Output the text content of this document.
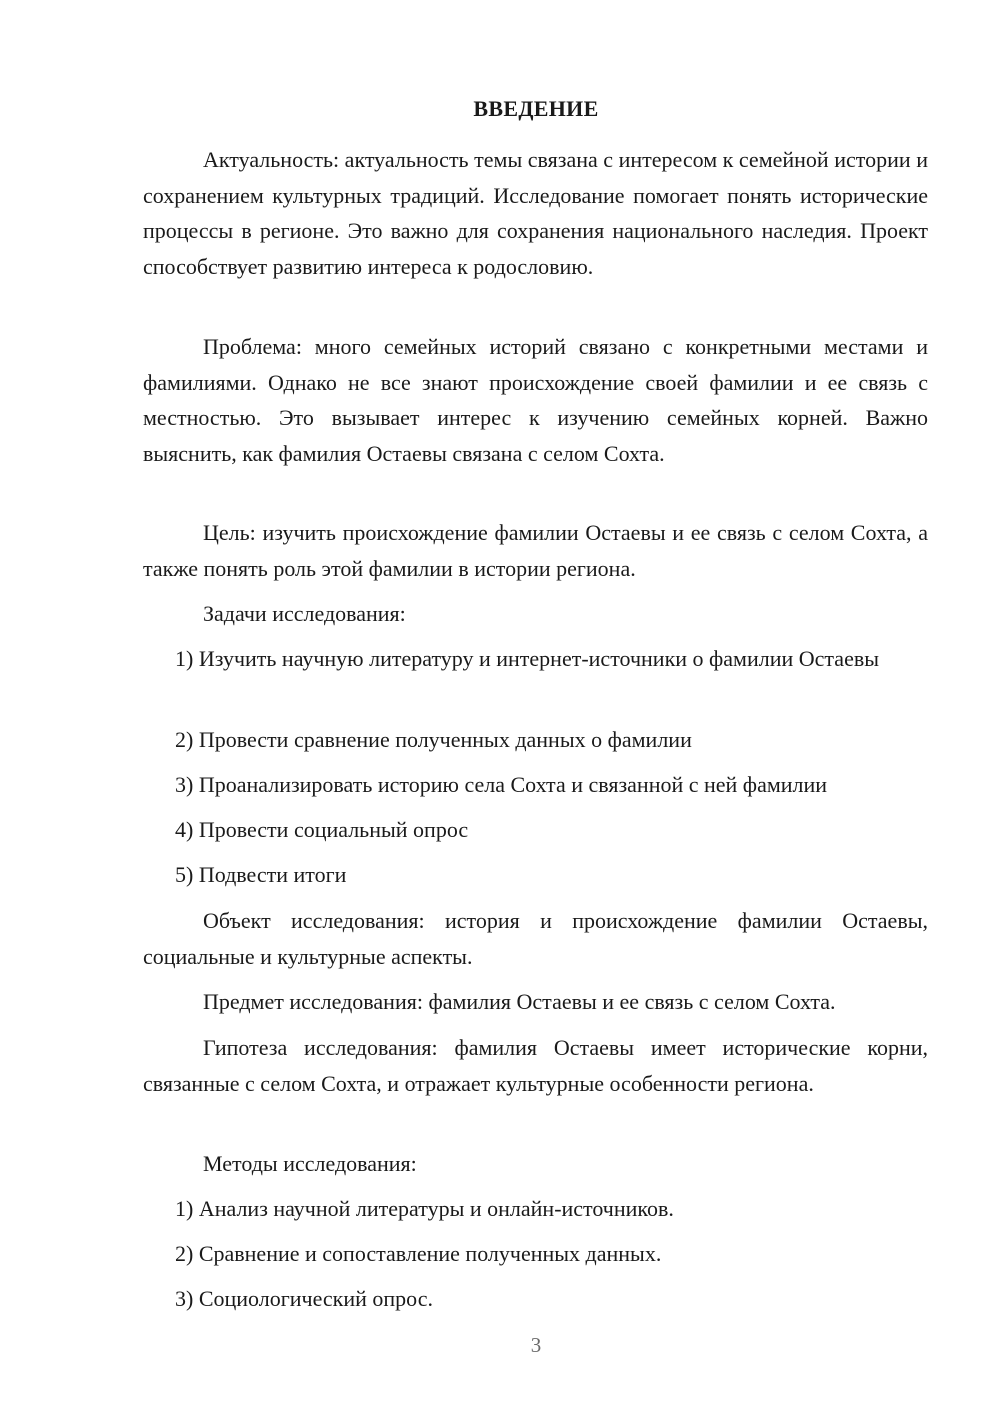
ВВЕДЕНИЕ

Актуальность: актуальность темы связана с интересом к семейной истории и сохранением культурных традиций. Исследование помогает понять исторические процессы в регионе. Это важно для сохранения национального наследия. Проект способствует развитию интереса к родословию.

Проблема: много семейных историй связано с конкретными местами и фамилиями. Однако не все знают происхождение своей фамилии и ее связь с местностью. Это вызывает интерес к изучению семейных корней. Важно выяснить, как фамилия Остаевы связана с селом Сохта.

Цель: изучить происхождение фамилии Остаевы и ее связь с селом Сохта, а также понять роль этой фамилии в истории региона.

Задачи исследования:

1) Изучить научную литературу и интернет-источники о фамилии Остаевы

2) Провести сравнение полученных данных о фамилии

3) Проанализировать историю села Сохта и связанной с ней фамилии

4) Провести социальный опрос

5) Подвести итоги

Объект исследования: история и происхождение фамилии Остаевы, социальные и культурные аспекты.

Предмет исследования: фамилия Остаевы и ее связь с селом Сохта.

Гипотеза исследования: фамилия Остаевы имеет исторические корни, связанные с селом Сохта, и отражает культурные особенности региона.

Методы исследования:

1) Анализ научной литературы и онлайн-источников.

2) Сравнение и сопоставление полученных данных.

3) Социологический опрос.

3
